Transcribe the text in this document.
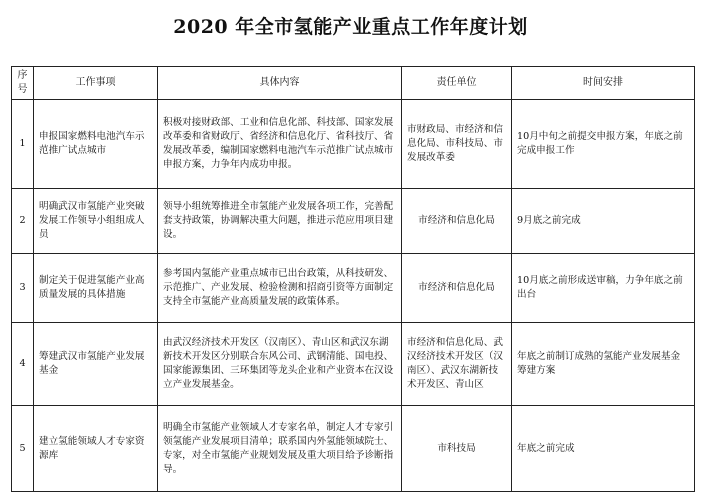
2020 年全市氢能产业重点工作年度计划
序号	工作事项	具体内容	责任单位	时间安排
1	申报国家燃料电池汽车示范推广试点城市	积极对接财政部、工业和信息化部、科技部、国家发展改革委和省财政厅、省经济和信息化厅、省科技厅、省发展改革委，编制国家燃料电池汽车示范推广试点城市申报方案，力争年内成功申报。	市财政局、市经济和信息化局、市科技局、市发展改革委	10月中旬之前提交申报方案，年底之前完成申报工作
2	明确武汉市氢能产业突破发展工作领导小组组成人员	领导小组统筹推进全市氢能产业发展各项工作，完善配套支持政策，协调解决重大问题，推进示范应用项目建设。	市经济和信息化局	9月底之前完成
3	制定关于促进氢能产业高质量发展的具体措施	参考国内氢能产业重点城市已出台政策，从科技研发、示范推广、产业发展、检验检测和招商引资等方面制定支持全市氢能产业高质量发展的政策体系。	市经济和信息化局	10月底之前形成送审稿，力争年底之前出台
4	筹建武汉市氢能产业发展基金	由武汉经济技术开发区（汉南区）、青山区和武汉东湖新技术开发区分别联合东风公司、武钢清能、国电投、国家能源集团、三环集团等龙头企业和产业资本在汉设立产业发展基金。	市经济和信息化局、武汉经济技术开发区（汉南区）、武汉东湖新技术开发区、青山区	年底之前制订成熟的氢能产业发展基金筹建方案
5	建立氢能领域人才专家资源库	明确全市氢能产业领域人才专家名单，制定人才专家引领氢能产业发展项目清单；联系国内外氢能领域院士、专家，对全市氢能产业规划发展及重大项目给予诊断指导。	市科技局	年底之前完成
